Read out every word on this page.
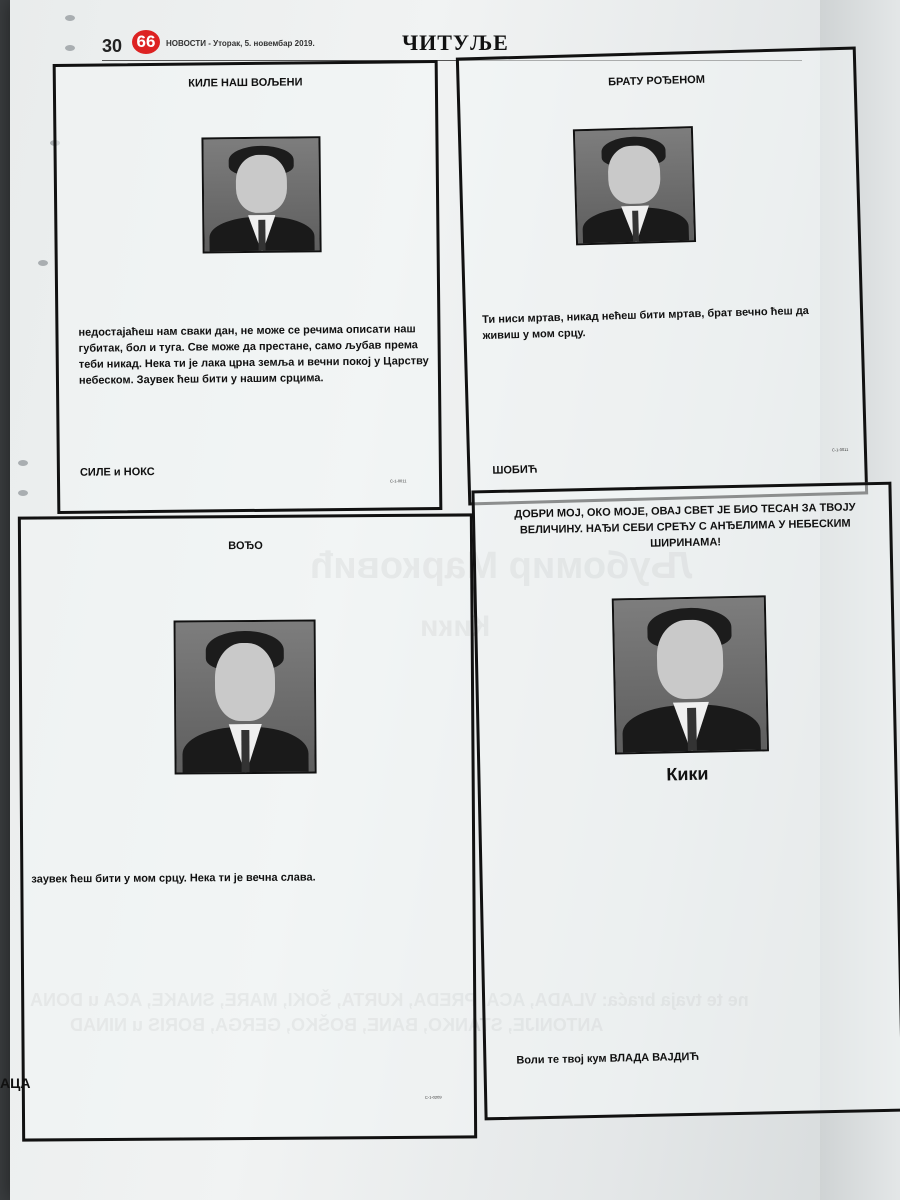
30 66	НОВОСТИ - Уторак, 5. новембар 2019.	ЧИТУЉЕ
КИЛЕ НАШ ВОЉЕНИ
недостајаћеш нам сваки дан, не може се речима описати наш губитак, бол и туга. Све може да престане, само љубав према теби никад. Нека ти је лака црна земља и вечни покој у Царству небеском. Заувек ћеш бити у нашим срцима.
СИЛЕ и НОКС
С-1-0011
БРАТУ РОЂЕНОМ
Ти ниси мртав, никад нећеш бити мртав, брат вечно ћеш да живиш у мом срцу.
ШОБИЋ
С-1-0011
ВОЂО
заувек ћеш бити у мом срцу. Нека ти је вечна слава.
С-1-0209
ДОБРИ МОЈ, ОКО МОЈЕ, ОВАЈ СВЕТ ЈЕ БИО ТЕСАН ЗА ТВОЈУ ВЕЛИЧИНУ. НАЂИ СЕБИ СРЕЋУ С АНЂЕЛИМА У НЕБЕСКИМ ШИРИНАМА!
Кики
Воли те твој кум ВЛАДА ВАЈДИЋ
АЦА
